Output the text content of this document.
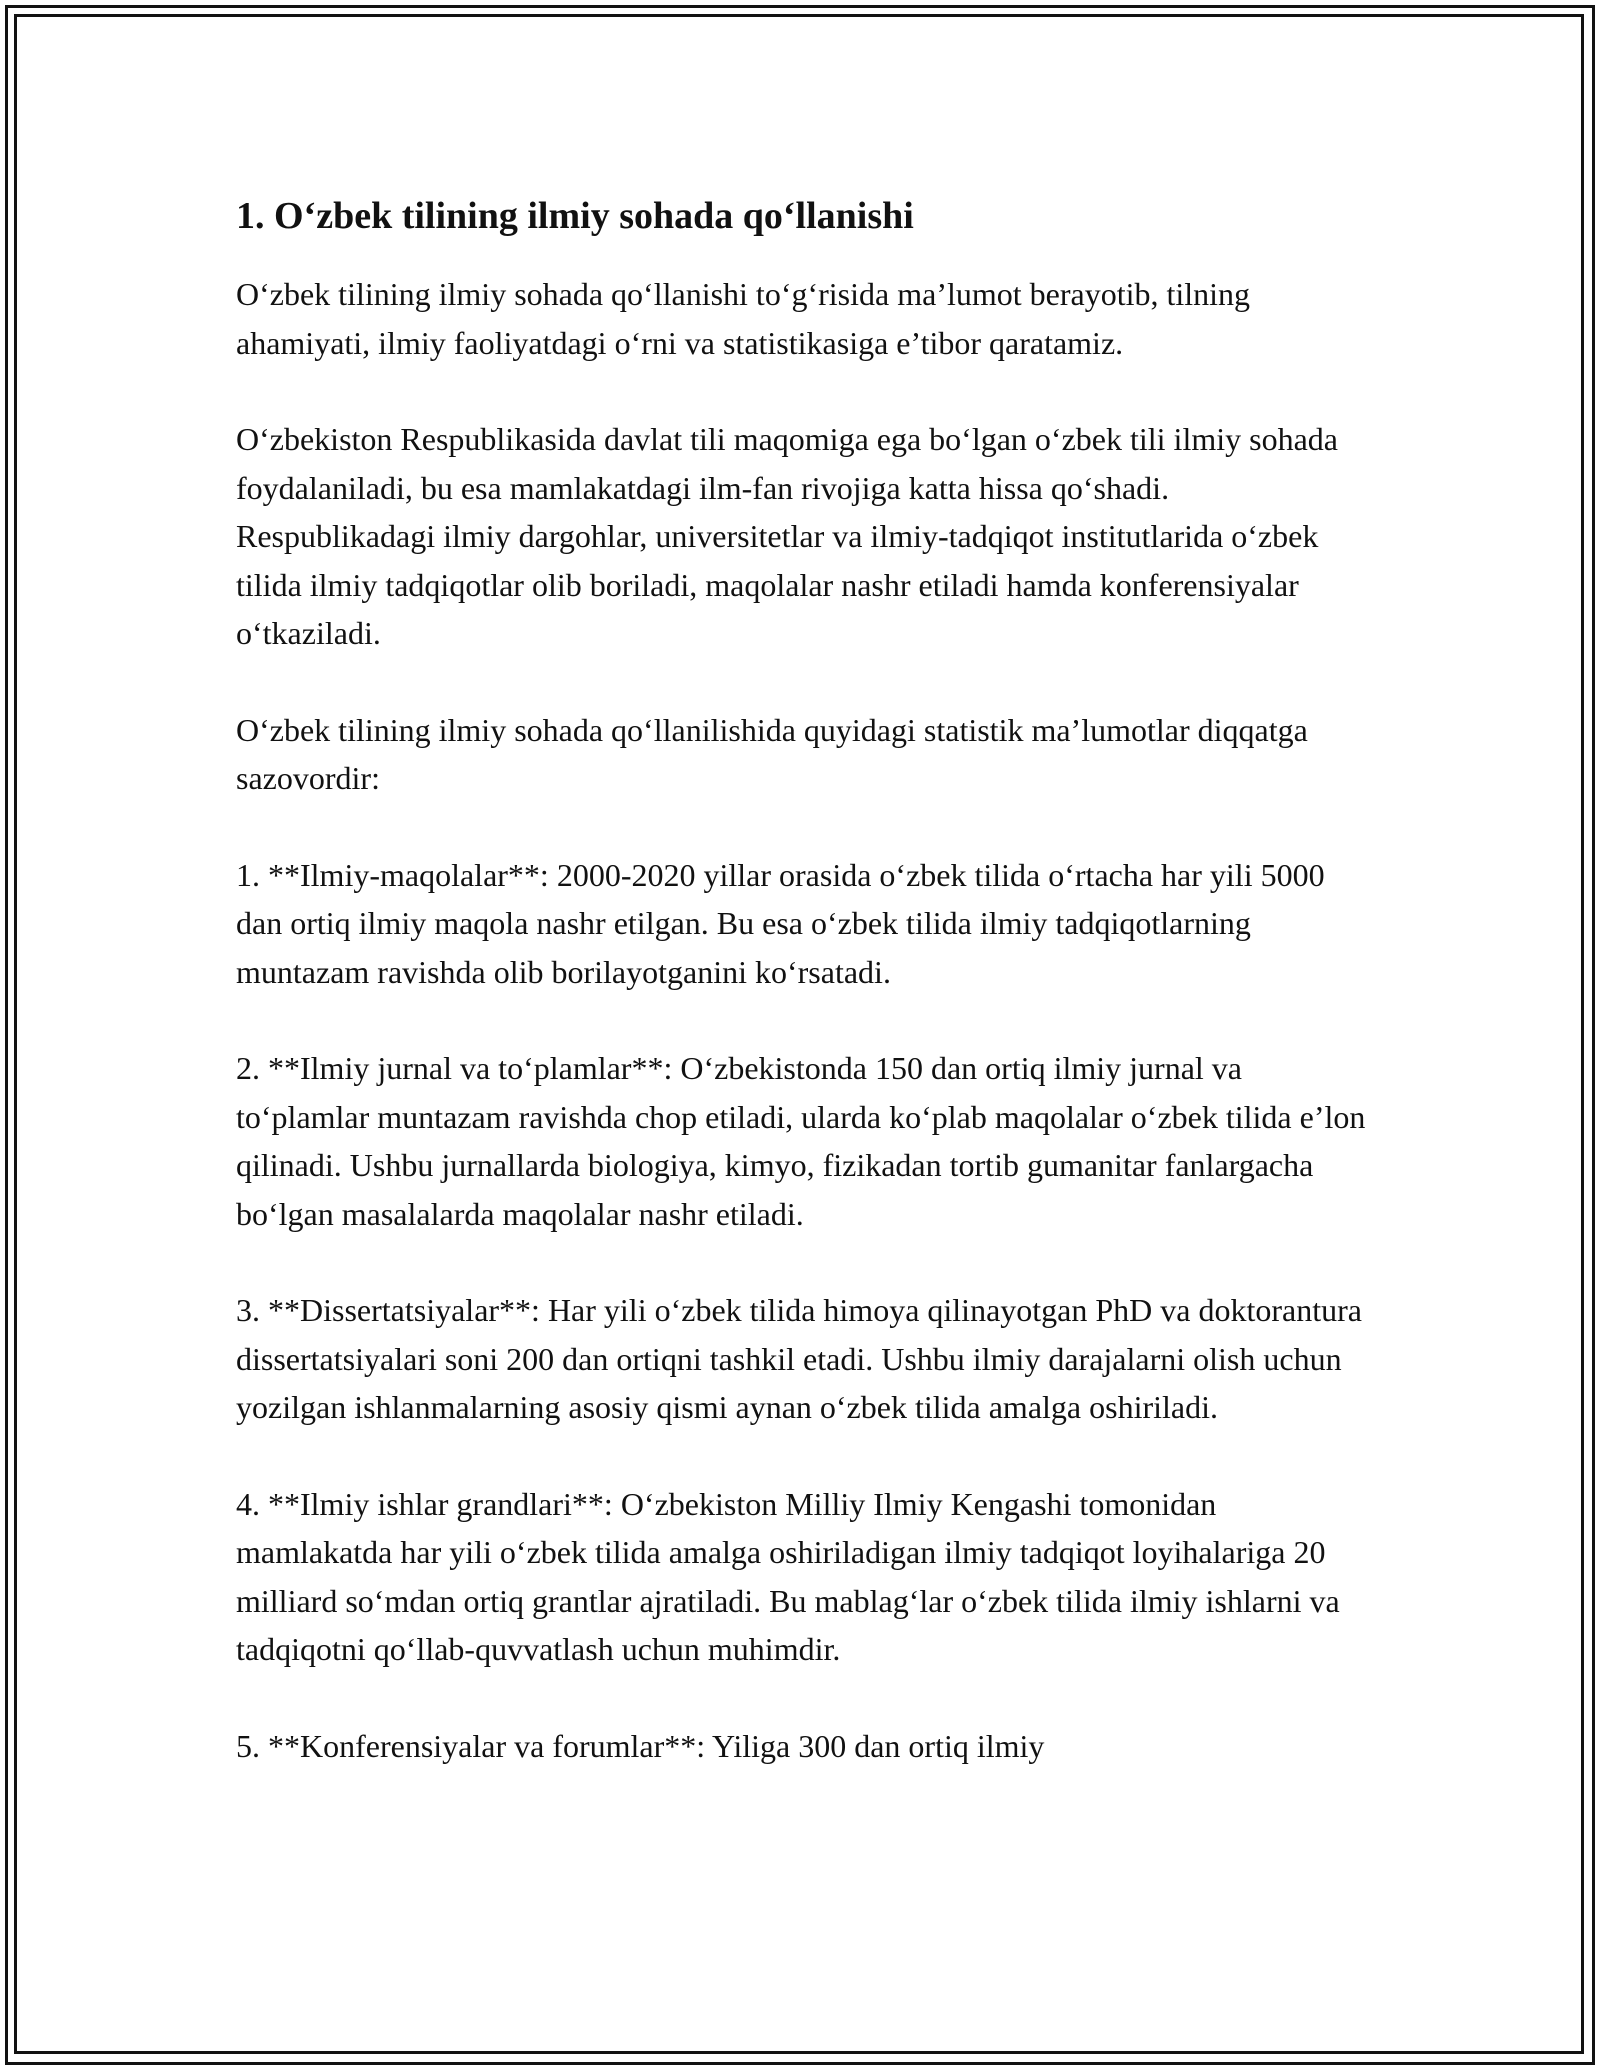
1. O‘zbek tilining ilmiy sohada qo‘llanishi

O‘zbek tilining ilmiy sohada qo‘llanishi to‘g‘risida ma’lumot berayotib, tilning ahamiyati, ilmiy faoliyatdagi o‘rni va statistikasiga e’tibor qaratamiz.

O‘zbekiston Respublikasida davlat tili maqomiga ega bo‘lgan o‘zbek tili ilmiy sohada foydalaniladi, bu esa mamlakatdagi ilm-fan rivojiga katta hissa qo‘shadi. Respublikadagi ilmiy dargohlar, universitetlar va ilmiy-tadqiqot institutlarida o‘zbek tilida ilmiy tadqiqotlar olib boriladi, maqolalar nashr etiladi hamda konferensiyalar o‘tkaziladi.

O‘zbek tilining ilmiy sohada qo‘llanilishida quyidagi statistik ma’lumotlar diqqatga sazovordir:

1. **Ilmiy-maqolalar**: 2000-2020 yillar orasida o‘zbek tilida o‘rtacha har yili 5000 dan ortiq ilmiy maqola nashr etilgan. Bu esa o‘zbek tilida ilmiy tadqiqotlarning muntazam ravishda olib borilayotganini ko‘rsatadi.

2. **Ilmiy jurnal va to‘plamlar**: O‘zbekistonda 150 dan ortiq ilmiy jurnal va to‘plamlar muntazam ravishda chop etiladi, ularda ko‘plab maqolalar o‘zbek tilida e’lon qilinadi. Ushbu jurnallarda biologiya, kimyo, fizikadan tortib gumanitar fanlargacha bo‘lgan masalalarda maqolalar nashr etiladi.

3. **Dissertatsiyalar**: Har yili o‘zbek tilida himoya qilinayotgan PhD va doktorantura dissertatsiyalari soni 200 dan ortiqni tashkil etadi. Ushbu ilmiy darajalarni olish uchun yozilgan ishlanmalarning asosiy qismi aynan o‘zbek tilida amalga oshiriladi.

4. **Ilmiy ishlar grandlari**: O‘zbekiston Milliy Ilmiy Kengashi tomonidan mamlakatda har yili o‘zbek tilida amalga oshiriladigan ilmiy tadqiqot loyihalariga 20 milliard so‘mdan ortiq grantlar ajratiladi. Bu mablag‘lar o‘zbek tilida ilmiy ishlarni va tadqiqotni qo‘llab-quvvatlash uchun muhimdir.

5. **Konferensiyalar va forumlar**: Yiliga 300 dan ortiq ilmiy
